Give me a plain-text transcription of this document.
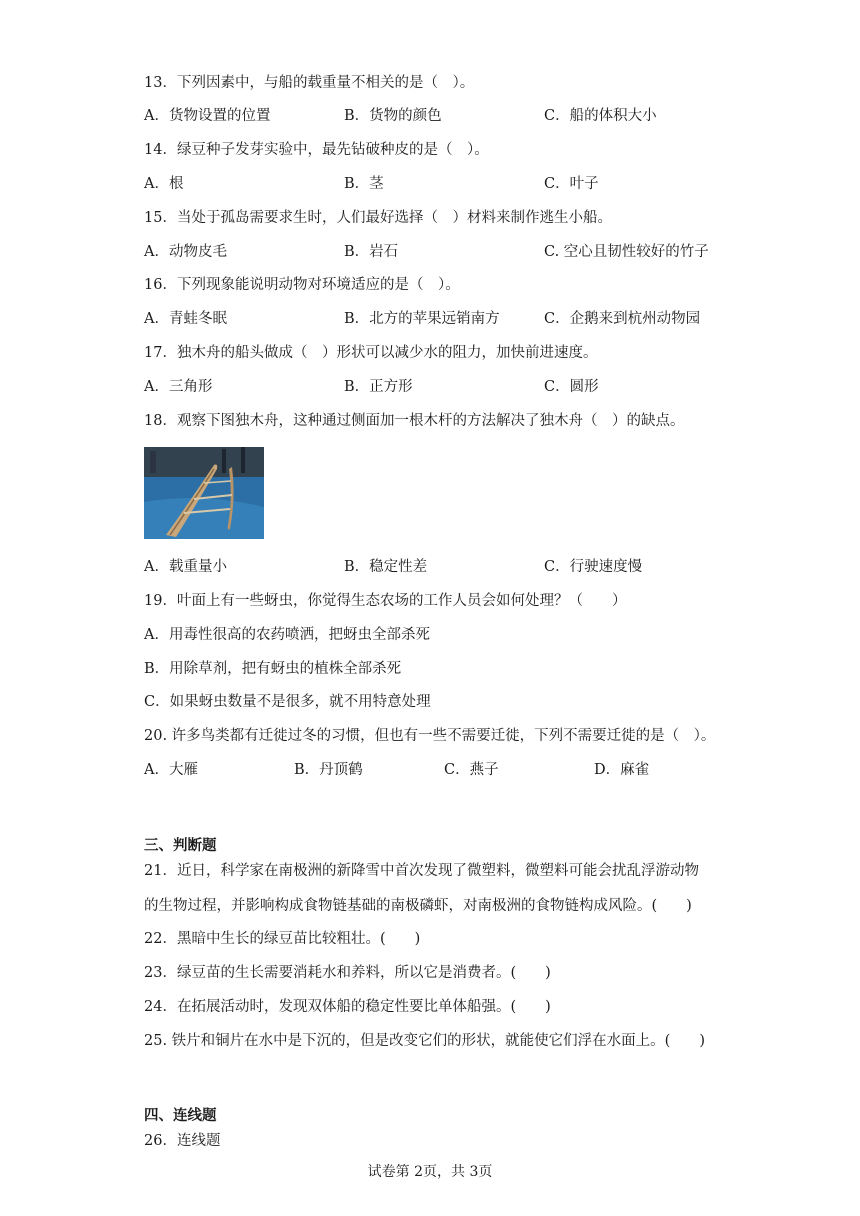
13．下列因素中，与船的载重量不相关的是（　）。
A．货物设置的位置	B．货物的颜色	C．船的体积大小
14．绿豆种子发芽实验中，最先钻破种皮的是（　）。
A．根	B．茎	C．叶子
15．当处于孤岛需要求生时，人们最好选择（　）材料来制作逃生小船。
A．动物皮毛	B．岩石	C. 空心且韧性较好的竹子
16．下列现象能说明动物对环境适应的是（　）。
A．青蛙冬眠	B．北方的苹果远销南方	C．企鹅来到杭州动物园
17．独木舟的船头做成（　）形状可以减少水的阻力，加快前进速度。
A．三角形	B．正方形	C．圆形
18．观察下图独木舟，这种通过侧面加一根木杆的方法解决了独木舟（　）的缺点。
A．载重量小	B．稳定性差	C．行驶速度慢
19．叶面上有一些蚜虫，你觉得生态农场的工作人员会如何处理？（　　）
A．用毒性很高的农药喷洒，把蚜虫全部杀死
B．用除草剂，把有蚜虫的植株全部杀死
C．如果蚜虫数量不是很多，就不用特意处理
20. 许多鸟类都有迁徙过冬的习惯，但也有一些不需要迁徙，下列不需要迁徙的是（　）。
A．大雁	B．丹顶鹤	C．燕子	D．麻雀
三、判断题
21．近日，科学家在南极洲的新降雪中首次发现了微塑料，微塑料可能会扰乱浮游动物
的生物过程，并影响构成食物链基础的南极磷虾，对南极洲的食物链构成风险。(　　)
22．黑暗中生长的绿豆苗比较粗壮。(　　)
23．绿豆苗的生长需要消耗水和养料，所以它是消费者。(　　)
24．在拓展活动时，发现双体船的稳定性要比单体船强。(　　)
25. 铁片和铜片在水中是下沉的，但是改变它们的形状，就能使它们浮在水面上。(　　)
四、连线题
26．连线题
试卷第 2页，共 3页
